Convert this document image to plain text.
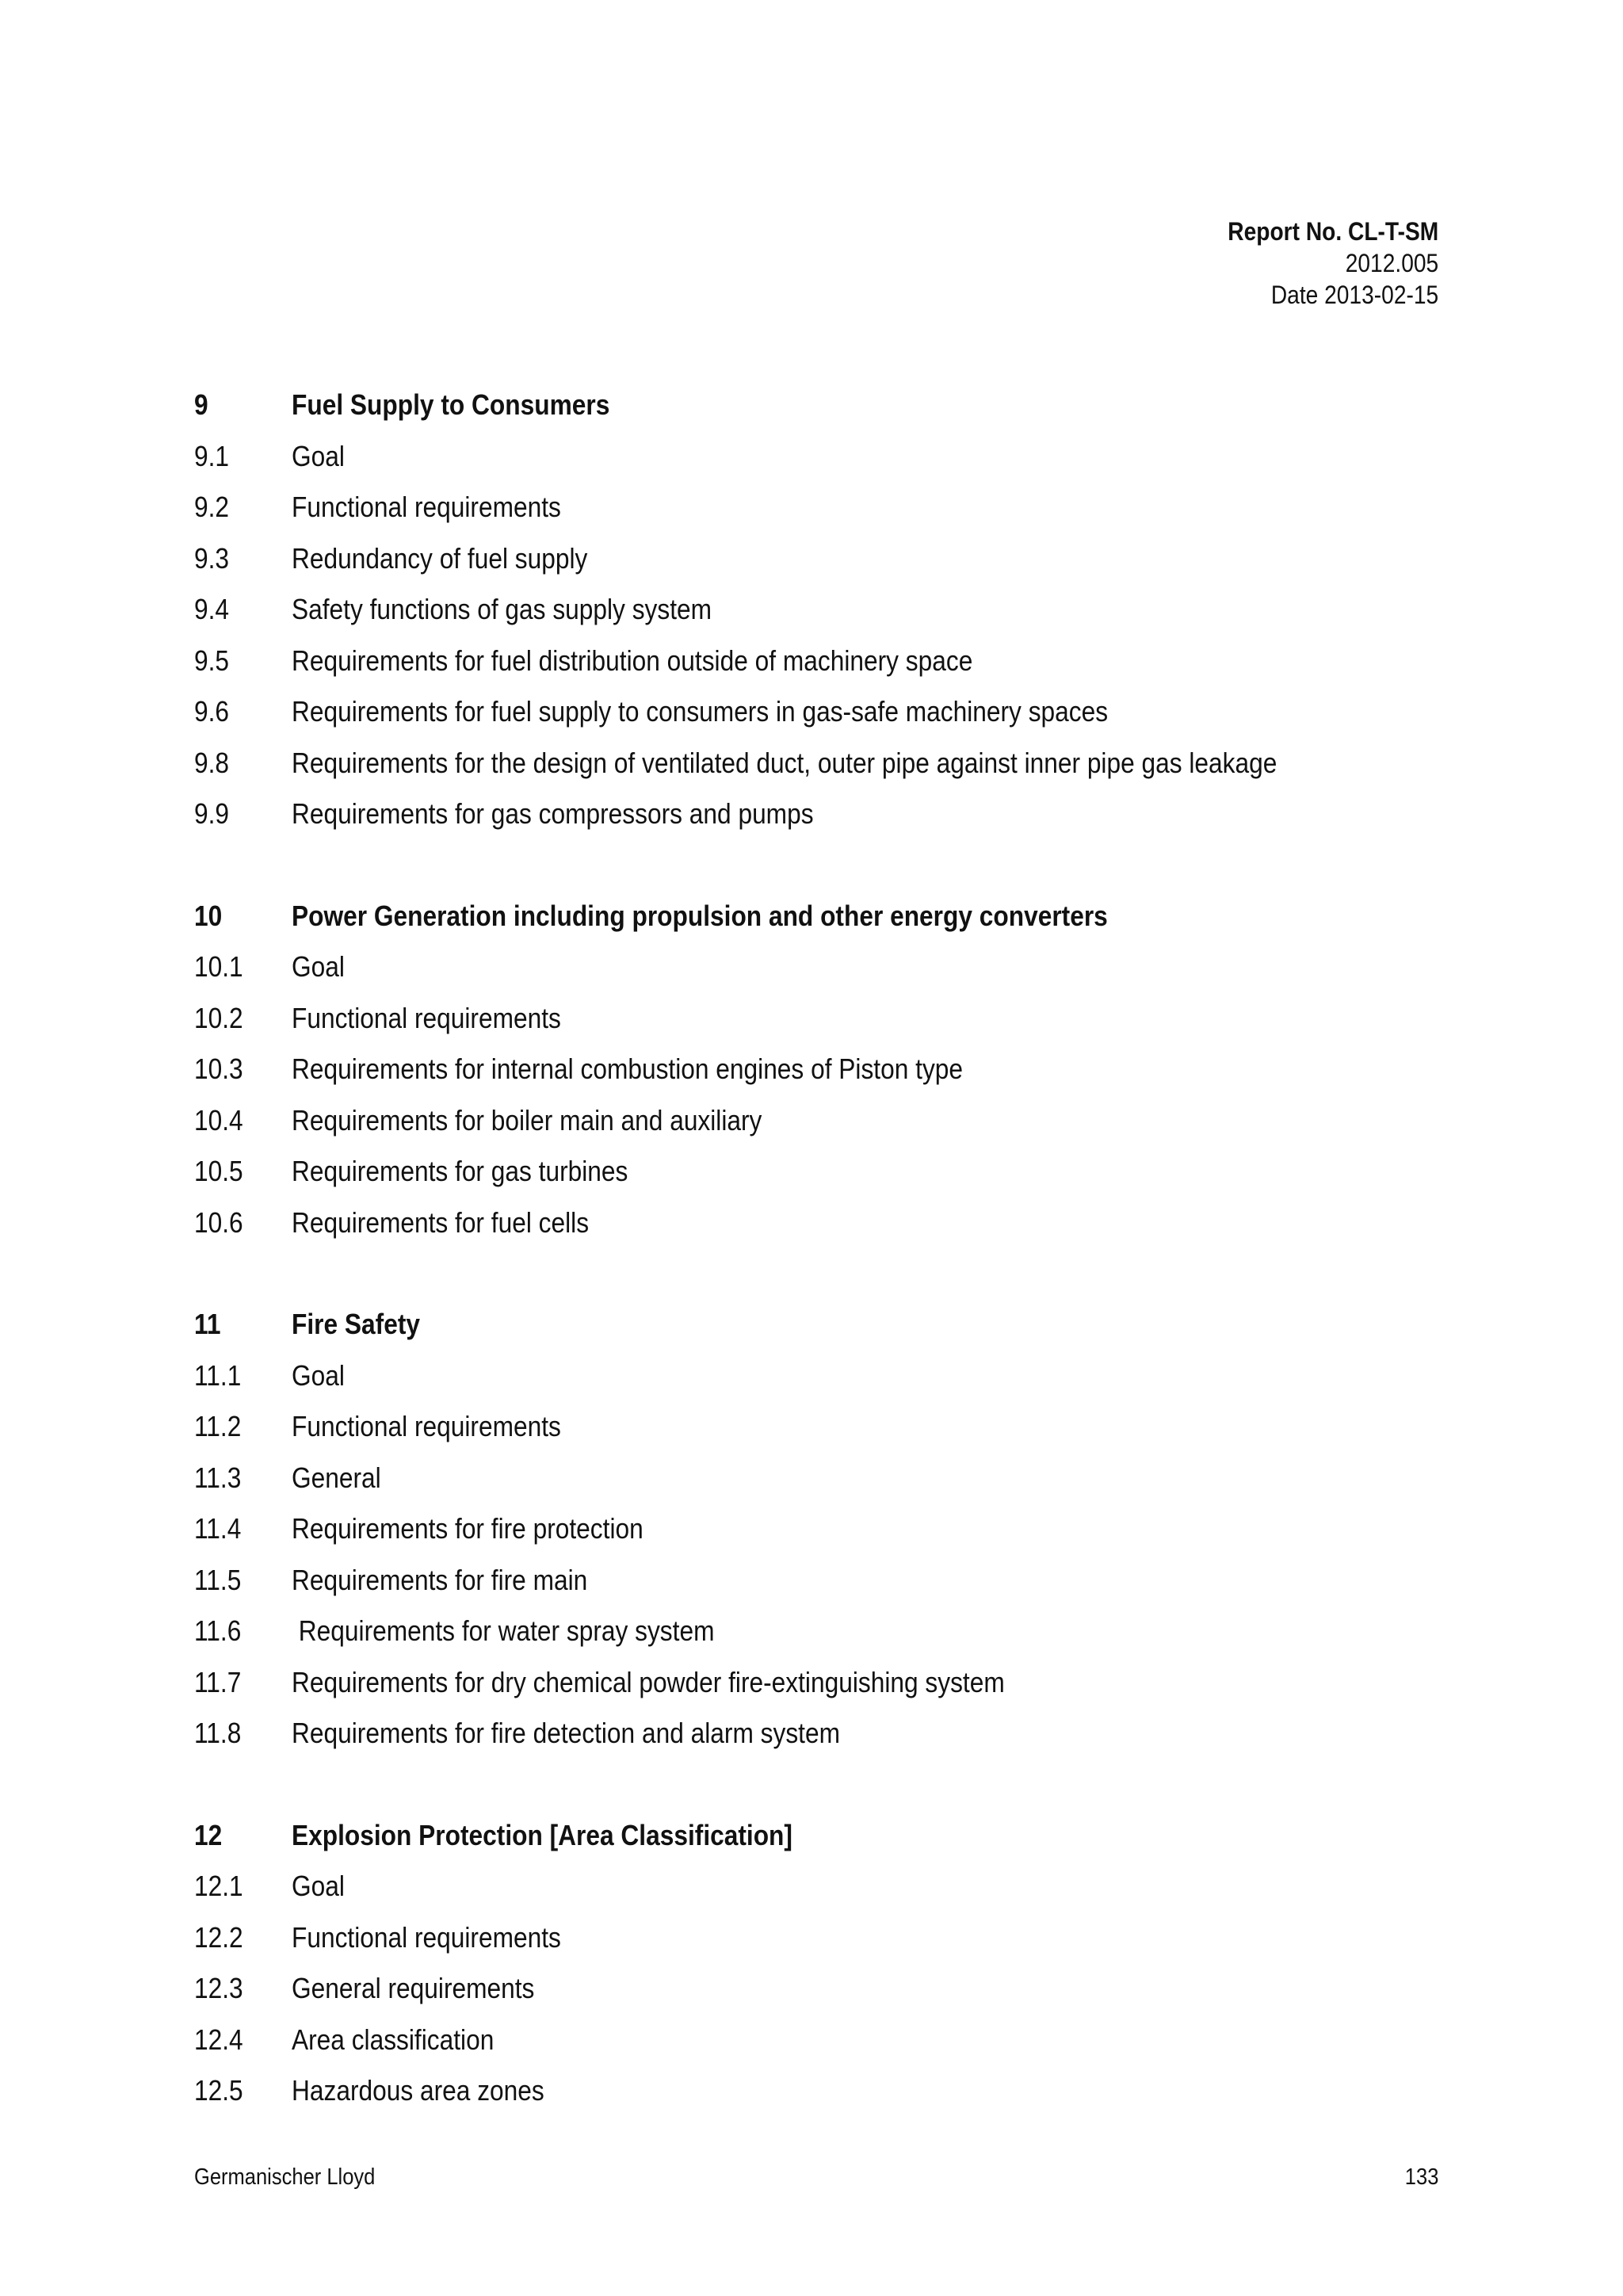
Report No. CL-T-SM
2012.005
Date 2013-02-15
9	Fuel Supply to Consumers
9.1 Goal
9.2 Functional requirements
9.3 Redundancy of fuel supply
9.4 Safety functions of gas supply system
9.5 Requirements for fuel distribution outside of machinery space
9.6 Requirements for fuel supply to consumers in gas-safe machinery spaces
9.8 Requirements for the design of ventilated duct, outer pipe against inner pipe gas leakage
9.9 Requirements for gas compressors and pumps
10 Power Generation including propulsion and other energy converters
10.1 Goal
10.2 Functional requirements
10.3 Requirements for internal combustion engines of Piston type
10.4 Requirements for boiler main and auxiliary
10.5 Requirements for gas turbines
10.6 Requirements for fuel cells
11 Fire Safety
11.1 Goal
11.2 Functional requirements
11.3 General
11.4 Requirements for fire protection
11.5 Requirements for fire main
11.6 Requirements for water spray system
11.7 Requirements for dry chemical powder fire-extinguishing system
11.8 Requirements for fire detection and alarm system
12 Explosion Protection [Area Classification]
12.1 Goal
12.2 Functional requirements
12.3 General requirements
12.4 Area classification
12.5 Hazardous area zones
Germanischer Lloyd	133
